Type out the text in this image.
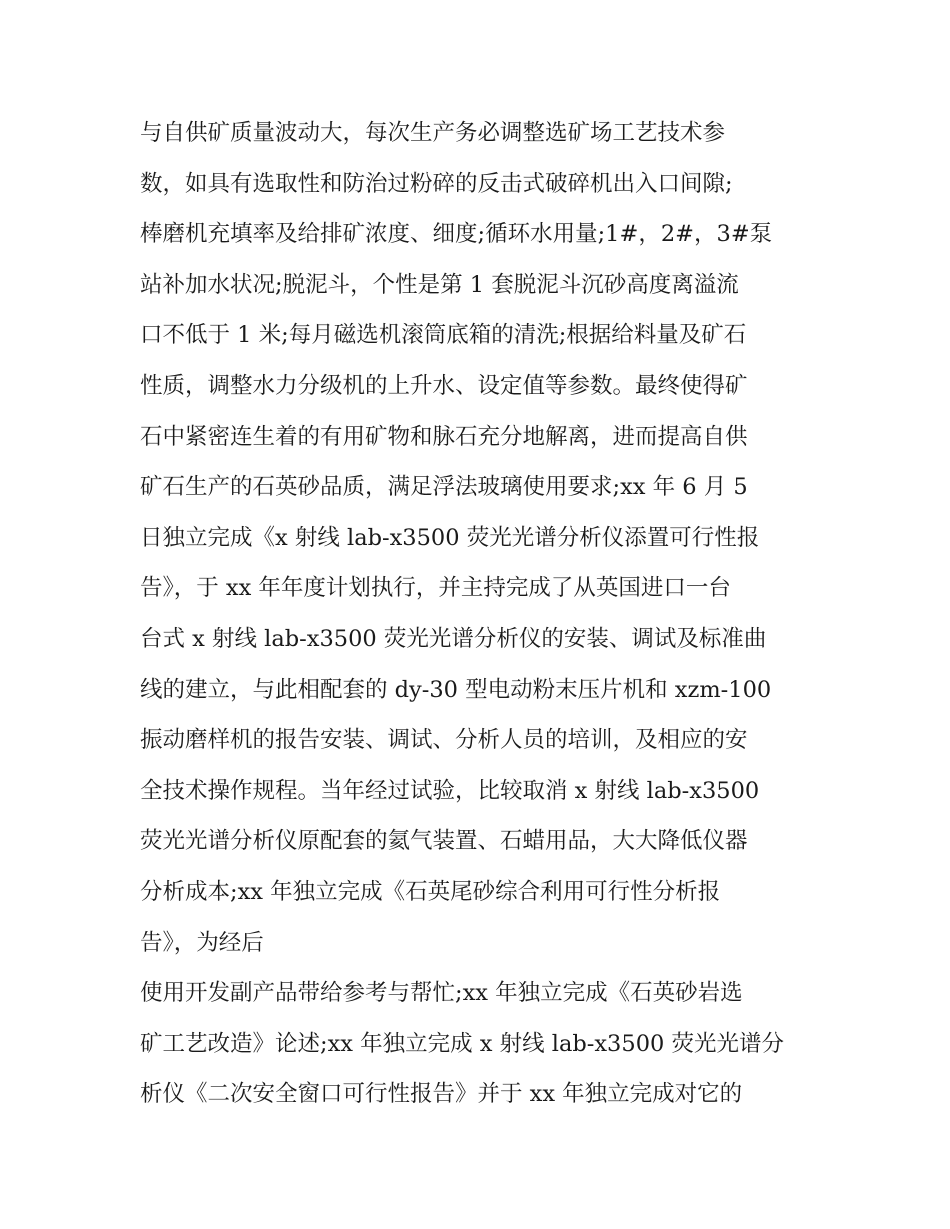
与自供矿质量波动大，每次生产务必调整选矿场工艺技术参
数，如具有选取性和防治过粉碎的反击式破碎机出入口间隙;
棒磨机充填率及给排矿浓度、细度;循环水用量;1#，2#，3#泵
站补加水状况;脱泥斗，个性是第 1 套脱泥斗沉砂高度离溢流
口不低于 1 米;每月磁选机滚筒底箱的清洗;根据给料量及矿石
性质，调整水力分级机的上升水、设定值等参数。最终使得矿
石中紧密连生着的有用矿物和脉石充分地解离，进而提高自供
矿石生产的石英砂品质，满足浮法玻璃使用要求;xx 年 6 月 5
日独立完成《x 射线 lab-x3500 荧光光谱分析仪添置可行性报
告》，于 xx 年年度计划执行，并主持完成了从英国进口一台
台式 x 射线 lab-x3500 荧光光谱分析仪的安装、调试及标准曲
线的建立，与此相配套的 dy-30 型电动粉末压片机和 xzm-100
振动磨样机的报告安装、调试、分析人员的培训，及相应的安
全技术操作规程。当年经过试验，比较取消 x 射线 lab-x3500
荧光光谱分析仪原配套的氦气装置、石蜡用品，大大降低仪器
分析成本;xx 年独立完成《石英尾砂综合利用可行性分析报
告》，为经后
使用开发副产品带给参考与帮忙;xx 年独立完成《石英砂岩选
矿工艺改造》论述;xx 年独立完成 x 射线 lab-x3500 荧光光谱分
析仪《二次安全窗口可行性报告》并于 xx 年独立完成对它的
